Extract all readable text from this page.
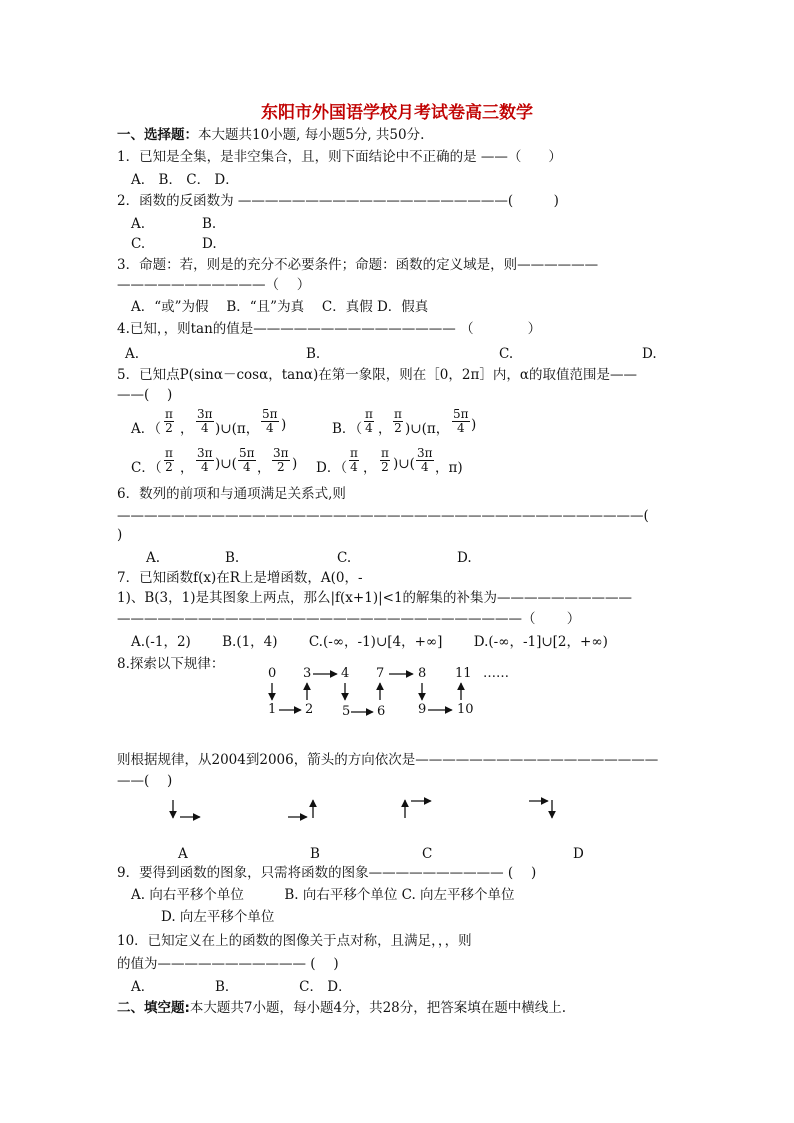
东阳市外国语学校月考试卷高三数学
一、选择题：本大题共10小题, 每小题5分, 共50分.
1．已知是全集，是非空集合，且，则下面结论中不正确的是 ——（　　）
A． B． C． D．
2．函数的反函数为 ————————————————————(　　　)
A.	B.
C.	D.
3．命题：若，则是的充分不必要条件；命题：函数的定义域是，则——————
———————————（　 ）
A．“或”为假　 B．“且”为真　 C．真假 D．假真
4.已知，，则tan的值是——————————————— （　　　　）
A.	B.	C.	D.
5．已知点P(sinα－cosα，tanα)在第一象限，则在［0，2π］内，α的取值范围是——
——(　 )
A．（ $\frac{\pi}{2}$ ， $\frac{3\pi}{4}$ )∪(π， $\frac{5\pi}{4}$ )	B．（ $\frac{\pi}{4}$ ， $\frac{\pi}{2}$ )∪(π， $\frac{5\pi}{4}$ )
C．（ $\frac{\pi}{2}$ ， $\frac{3\pi}{4}$ )∪( $\frac{5\pi}{4}$ ， $\frac{3\pi}{2}$ ) D．（ $\frac{\pi}{4}$ ， $\frac{\pi}{2}$ )∪( $\frac{3\pi}{4}$ ，π)
6．数列的前项和与通项满足关系式,则
———————————————————————————————————————(
)
A.	B.	C.	D.
7．已知函数f(x)在R上是增函数，A(0，-
1)、B(3，1)是其图象上两点，那么|f(x+1)|<1的解集的补集为——————————
——————————————————————————————（　　 ）
A.(-1，2)　　 B.(1，4)　　 C.(-∞，-1)∪[4，+∞]　　 D.(-∞，-1]∪[2，+∞)
8.探索以下规律：
0 3 4 7	8 11 ……
1 2 5 6	9 10
则根据规律，从2004到2006，箭头的方向依次是——————————————————
——(　 )
A	B	C	D
9．要得到函数的图象，只需将函数的图象—————————— (　 )
A. 向右平移个单位　　　B. 向右平移个单位 C. 向左平移个单位
D. 向左平移个单位
10．已知定义在上的函数的图像关于点对称，且满足，，，则
的值为——————————— (　 )
A．　　　　　B．　　　　　C． D．
二、填空题:本大题共7小题，每小题4分，共28分，把答案填在题中横线上.
